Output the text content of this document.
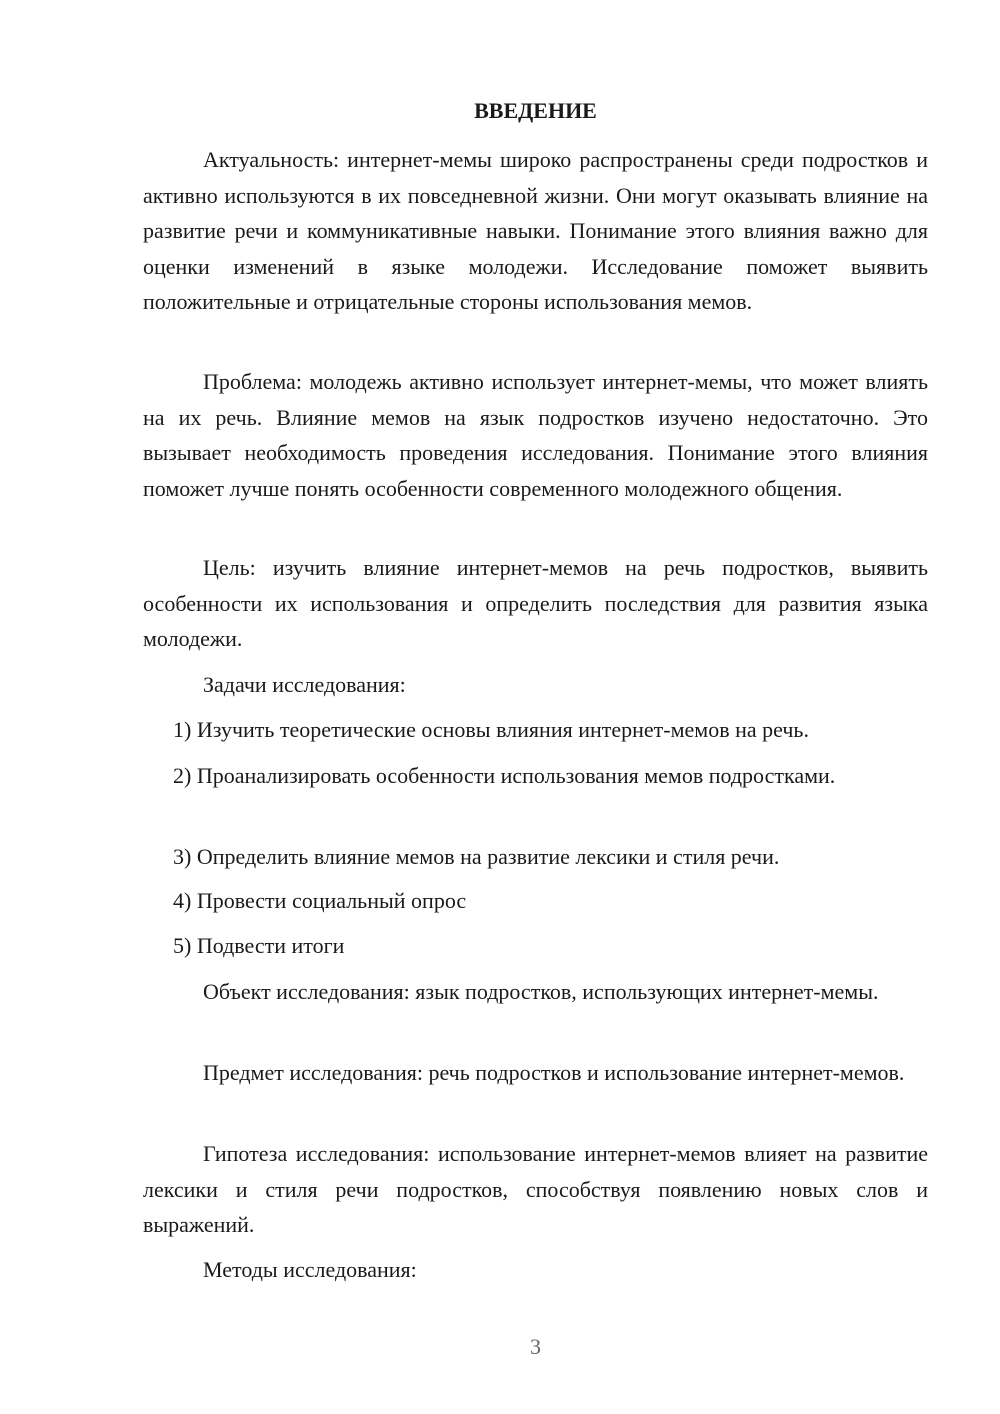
ВВЕДЕНИЕ

Актуальность: интернет-мемы широко распространены среди подростков и активно используются в их повседневной жизни. Они могут оказывать влияние на развитие речи и коммуникативные навыки. Понимание этого влияния важно для оценки изменений в языке молодежи. Исследование поможет выявить положительные и отрицательные стороны использования мемов.

Проблема: молодежь активно использует интернет-мемы, что может влиять на их речь. Влияние мемов на язык подростков изучено недостаточно. Это вызывает необходимость проведения исследования. Понимание этого влияния поможет лучше понять особенности современного молодежного общения.

Цель: изучить влияние интернет-мемов на речь подростков, выявить особенности их использования и определить последствия для развития языка молодежи.

Задачи исследования:

1) Изучить теоретические основы влияния интернет-мемов на речь.

2) Проанализировать особенности использования мемов подростками.

3) Определить влияние мемов на развитие лексики и стиля речи.

4) Провести социальный опрос

5) Подвести итоги

Объект исследования: язык подростков, использующих интернет-мемы.

Предмет исследования: речь подростков и использование интернет-мемов.

Гипотеза исследования: использование интернет-мемов влияет на развитие лексики и стиля речи подростков, способствуя появлению новых слов и выражений.

Методы исследования:

3
